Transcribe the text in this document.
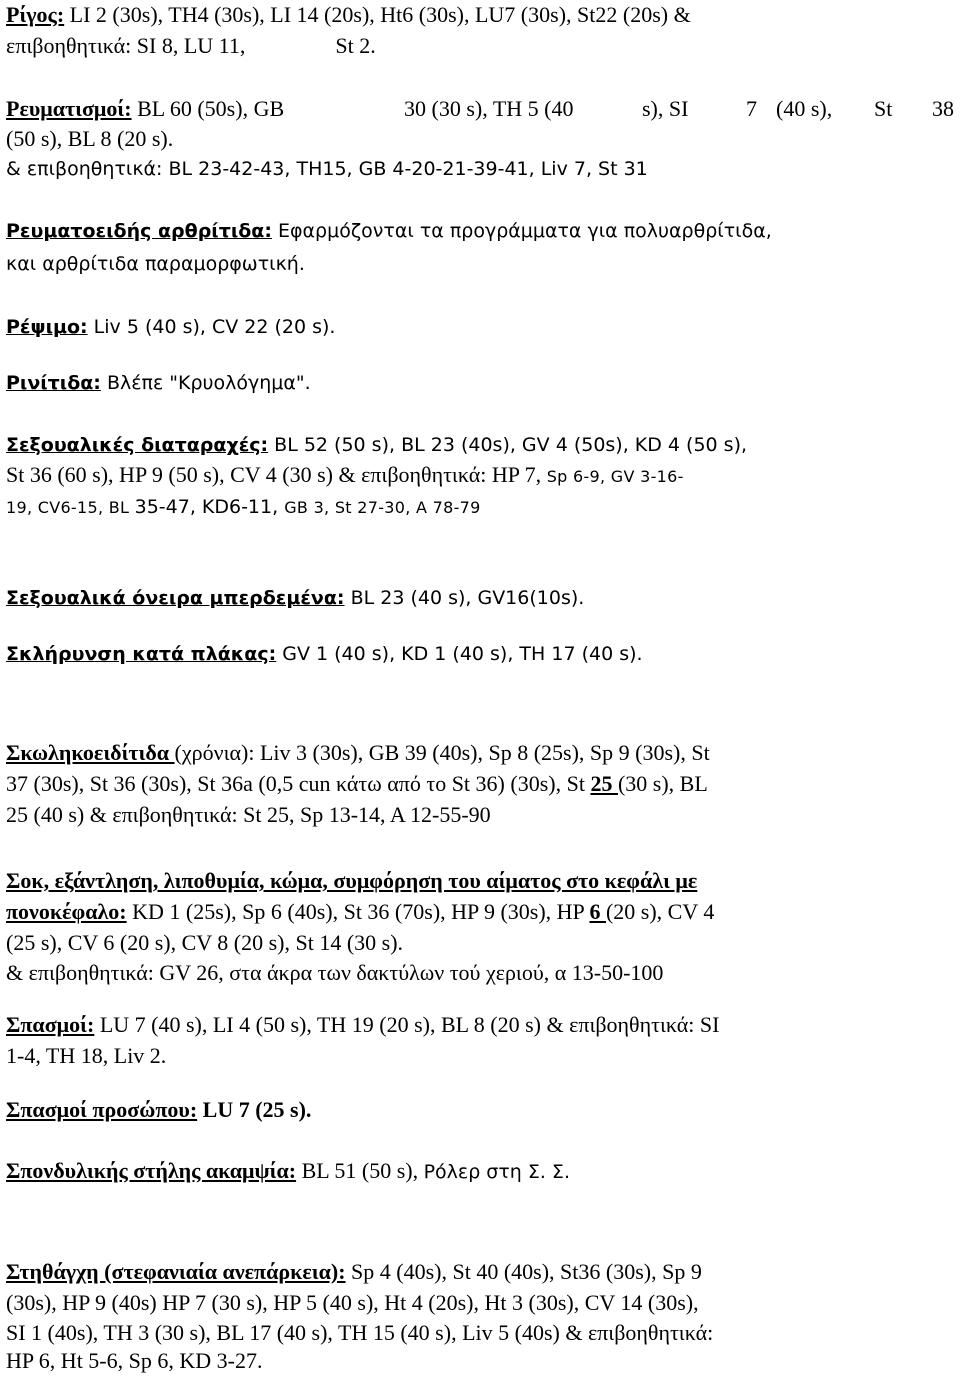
Ρίγος: LI 2 (30s), TH4 (30s), LI 14 (20s), Ht6 (30s), LU7 (30s), St22 (20s) &
επιβοηθητικά: SI 8, LU 11,	St 2.
Ρευματισμοί: BL 60 (50s), GB	30 (30 s), TH 5 (40	s), SI	7 (40 s), St 38
(50 s), BL 8 (20 s).
& επιβοηθητικά: BL 23-42-43, TH15, GB 4-20-21-39-41, Liv 7, St 31
Ρευματοειδής αρθρίτιδα: Εφαρμόζονται τα προγράμματα για πολυαρθρίτιδα,
και αρθρίτιδα παραμορφωτική.
Ρέψιμο: Liv 5 (40 s), CV 22 (20 s).
Ρινίτιδα: Βλέπε "Κρυολόγημα".
Σεξουαλικές διαταραχές: BL 52 (50 s), BL 23 (40s), GV 4 (50s), KD 4 (50 s),
St 36 (60 s), HP 9 (50 s), CV 4 (30 s) & επιβοηθητικά: HP 7, Sp 6-9, GV 3-16-
19, CV6-15, BL 35-47, KD6-11, GB 3, St 27-30, A 78-79
Σεξουαλικά όνειρα μπερδεμένα: BL 23 (40 s), GV16(10s).
Σκλήρυνση κατά πλάκας: GV 1 (40 s), KD 1 (40 s), TH 17 (40 s).
Σκωληκοειδίτιδα (χρόνια): Liv 3 (30s), GB 39 (40s), Sp 8 (25s), Sp 9 (30s), St
37 (30s), St 36 (30s), St 36a (0,5 cun κάτω από το St 36) (30s), St 25 (30 s), BL
25 (40 s) & επιβοηθητικά: St 25, Sp 13-14, A 12-55-90
Σοκ, εξάντληση, λιποθυμία, κώμα, συμφόρηση του αίματος στο κεφάλι με
πονοκέφαλο: KD 1 (25s), Sp 6 (40s), St 36 (70s), HP 9 (30s), HP 6 (20 s), CV 4
(25 s), CV 6 (20 s), CV 8 (20 s), St 14 (30 s).
& επιβοηθητικά: GV 26, στα άκρα των δακτύλων τού χεριού, α 13-50-100
Σπασμοί: LU 7 (40 s), LI 4 (50 s), TH 19 (20 s), BL 8 (20 s) & επιβοηθητικά: SI
1-4, TH 18, Liv 2.
Σπασμοί προσώπου: LU 7 (25 s).
Σπονδυλικής στήλης ακαμψία: BL 51 (50 s), Ρόλερ στη Σ. Σ.
Στηθάγχη (στεφανιαία ανεπάρκεια): Sp 4 (40s), St 40 (40s), St36 (30s), Sp 9
(30s), HP 9 (40s) HP 7 (30 s), HP 5 (40 s), Ht 4 (20s), Ht 3 (30s), CV 14 (30s),
SI 1 (40s), TH 3 (30 s), BL 17 (40 s), TH 15 (40 s), Liv 5 (40s) & επιβοηθητικά:
HP 6, Ht 5-6, Sp 6, KD 3-27.
